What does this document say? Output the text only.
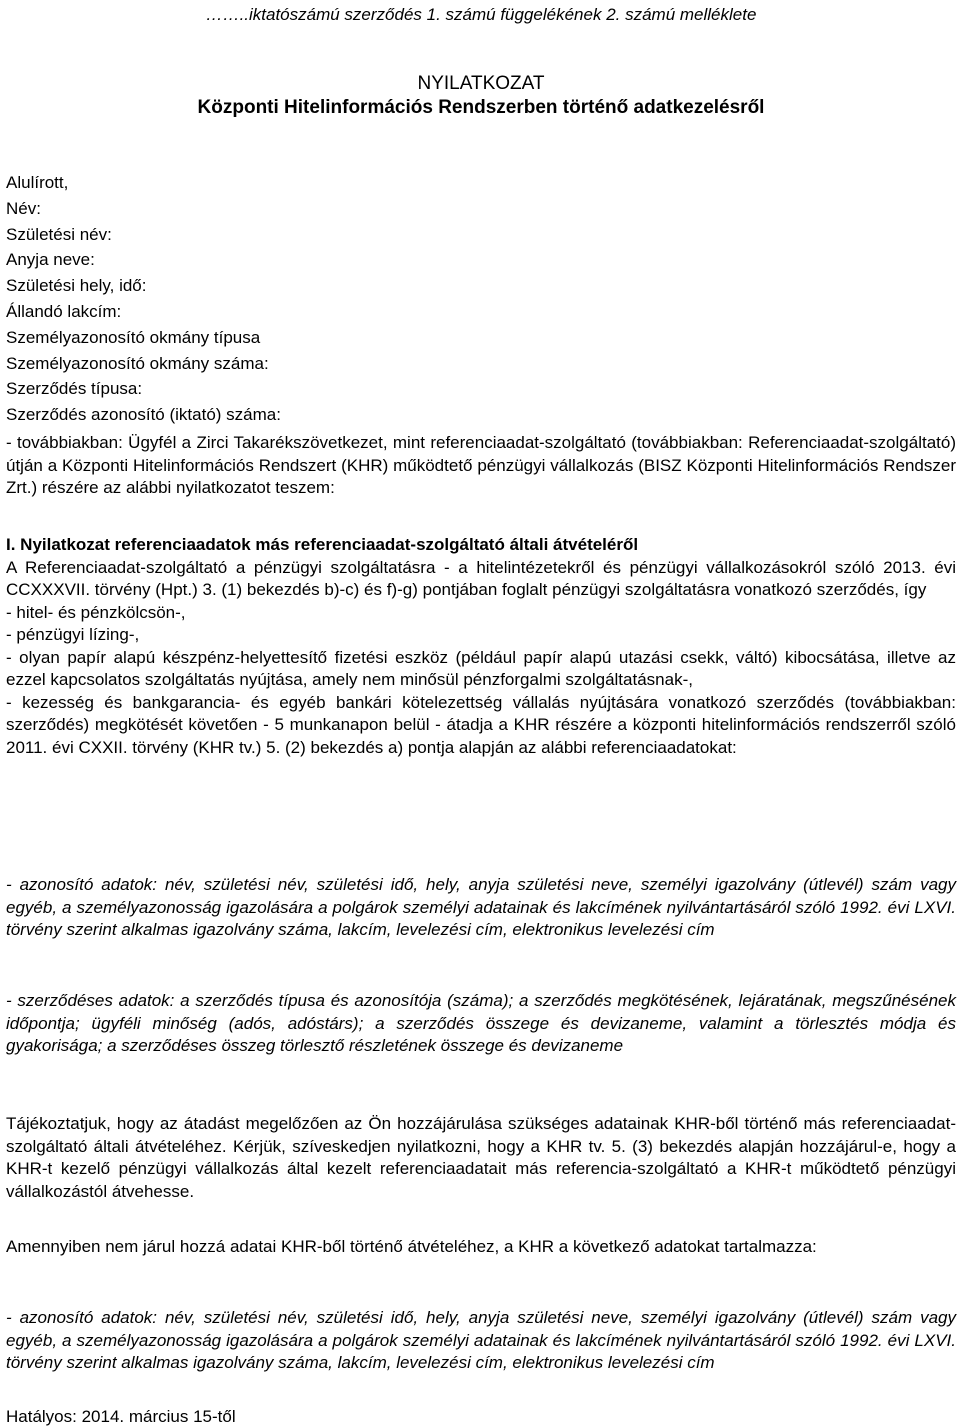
……..iktatószámú szerződés 1. számú függelékének 2. számú melléklete
NYILATKOZAT
Központi Hitelinformációs Rendszerben történő adatkezelésről
Alulírott,
Név:
Születési név:
Anyja neve:
Születési hely, idő:
Állandó lakcím:
Személyazonosító okmány típusa
Személyazonosító okmány száma:
Szerződés típusa:
Szerződés azonosító (iktató) száma:

- továbbiakban: Ügyfél a Zirci Takarékszövetkezet, mint referenciaadat-szolgáltató (továbbiakban: Referenciaadat-szolgáltató) útján a Központi Hitelinformációs Rendszert (KHR) működtető pénzügyi vállalkozás (BISZ Központi Hitelinformációs Rendszer Zrt.) részére az alábbi nyilatkozatot teszem:

I. Nyilatkozat referenciaadatok más referenciaadat-szolgáltató általi átvételéről

A Referenciaadat-szolgáltató a pénzügyi szolgáltatásra - a hitelintézetekről és pénzügyi vállalkozásokról szóló 2013. évi CCXXXVII. törvény (Hpt.) 3. (1) bekezdés b)-c) és f)-g) pontjában foglalt pénzügyi szolgáltatásra vonatkozó szerződés, így

- hitel- és pénzkölcsön-,

- pénzügyi lízing-,

- olyan papír alapú készpénz-helyettesítő fizetési eszköz (például papír alapú utazási csekk, váltó) kibocsátása, illetve az ezzel kapcsolatos szolgáltatás nyújtása, amely nem minősül pénzforgalmi szolgáltatásnak-,

- kezesség és bankgarancia- és egyéb bankári kötelezettség vállalás nyújtására vonatkozó szerződés (továbbiakban: szerződés) megkötését követően - 5 munkanapon belül - átadja a KHR részére a központi hitelinformációs rendszerről szóló 2011. évi CXXII. törvény (KHR tv.) 5. (2) bekezdés a) pontja alapján az alábbi referenciaadatokat:

- azonosító adatok: név, születési név, születési idő, hely, anyja születési neve, személyi igazolvány (útlevél) szám vagy egyéb, a személyazonosság igazolására a polgárok személyi adatainak és lakcímének nyilvántartásáról szóló 1992. évi LXVI. törvény szerint alkalmas igazolvány száma, lakcím, levelezési cím, elektronikus levelezési cím

- szerződéses adatok: a szerződés típusa és azonosítója (száma); a szerződés megkötésének, lejáratának, megszűnésének időpontja; ügyféli minőség (adós, adóstárs); a szerződés összege és devizaneme, valamint a törlesztés módja és gyakorisága; a szerződéses összeg törlesztő részletének összege és devizaneme

Tájékoztatjuk, hogy az átadást megelőzően az Ön hozzájárulása szükséges adatainak KHR-ből történő más referenciaadat-szolgáltató általi átvételéhez. Kérjük, szíveskedjen nyilatkozni, hogy a KHR tv. 5. (3) bekezdés alapján hozzájárul-e, hogy a KHR-t kezelő pénzügyi vállalkozás által kezelt referenciaadatait más referencia-szolgáltató a KHR-t működtető pénzügyi vállalkozástól átvehesse.

Amennyiben nem járul hozzá adatai KHR-ből történő átvételéhez, a KHR a következő adatokat tartalmazza:

- azonosító adatok: név, születési név, születési idő, hely, anyja születési neve, személyi igazolvány (útlevél) szám vagy egyéb, a személyazonosság igazolására a polgárok személyi adatainak és lakcímének nyilvántartásáról szóló 1992. évi LXVI. törvény szerint alkalmas igazolvány száma, lakcím, levelezési cím, elektronikus levelezési cím

Hatályos: 2014. március 15-től
